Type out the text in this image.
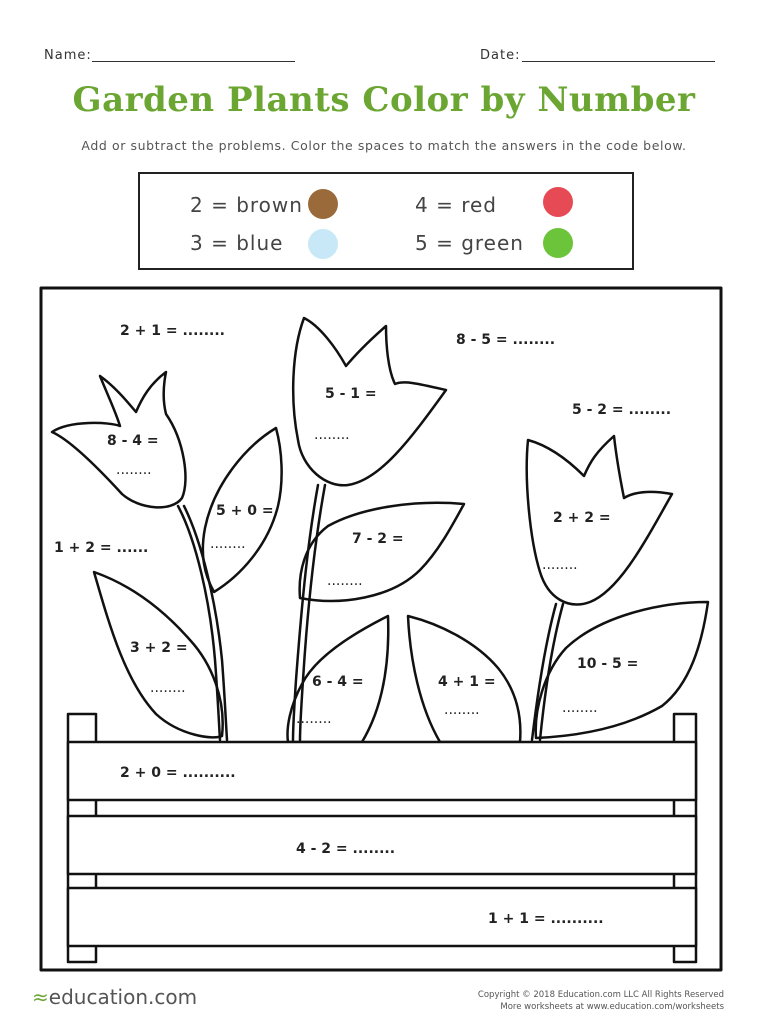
Name:	Date:
Garden Plants Color by Number
Add or subtract the problems. Color the spaces to match the answers in the code below.
2 = brown
3 = blue
4 = red
5 = green
2 + 1 = ........
8 - 5 = ........
5 - 1 =
........
5 - 2 = ........
8 - 4 =
........
5 + 0 =
........
2 + 2 =
........
1 + 2 = ......
7 - 2 =
........
3 + 2 =
........
10 - 5 =
........
6 - 4 =
........
4 + 1 =
........
2 + 0 = ..........
4 - 2 = ........
1 + 1 = ..........
≈education.com	Copyright © 2018 Education.com LLC All Rights Reserved
More worksheets at www.education.com/worksheets
